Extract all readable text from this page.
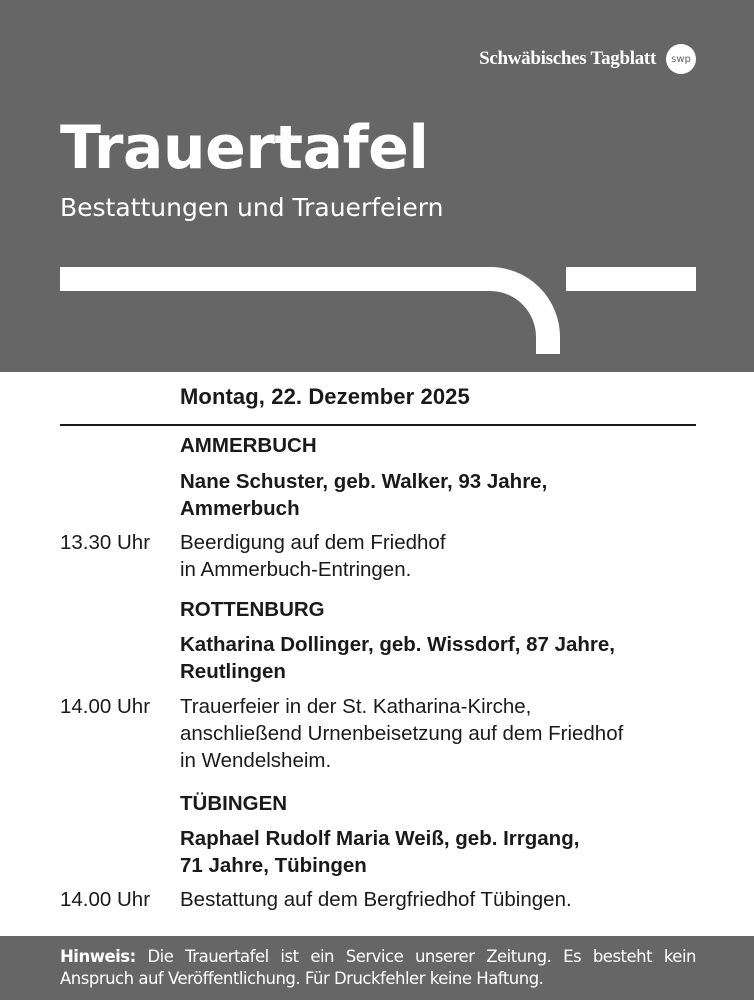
Schwäbisches Tagblatt	swp
Trauertafel

Bestattungen und Trauerfeiern

Montag, 22. Dezember 2025
AMMERBUCH
Nane Schuster, geb. Walker, 93 Jahre,
Ammerbuch
13.30 Uhr	Beerdigung auf dem Friedhof
in Ammerbuch-Entringen.
ROTTENBURG
Katharina Dollinger, geb. Wissdorf, 87 Jahre,
Reutlingen
14.00 Uhr	Trauerfeier in der St. Katharina-Kirche,
anschließend Urnenbeisetzung auf dem Friedhof
in Wendelsheim.
TÜBINGEN
Raphael Rudolf Maria Weiß, geb. Irrgang,
71 Jahre, Tübingen
14.00 Uhr	Bestattung auf dem Bergfriedhof Tübingen.
Hinweis: Die Trauertafel ist ein Service unserer Zeitung. Es besteht kein Anspruch auf Veröffentlichung. Für Druckfehler keine Haftung.
